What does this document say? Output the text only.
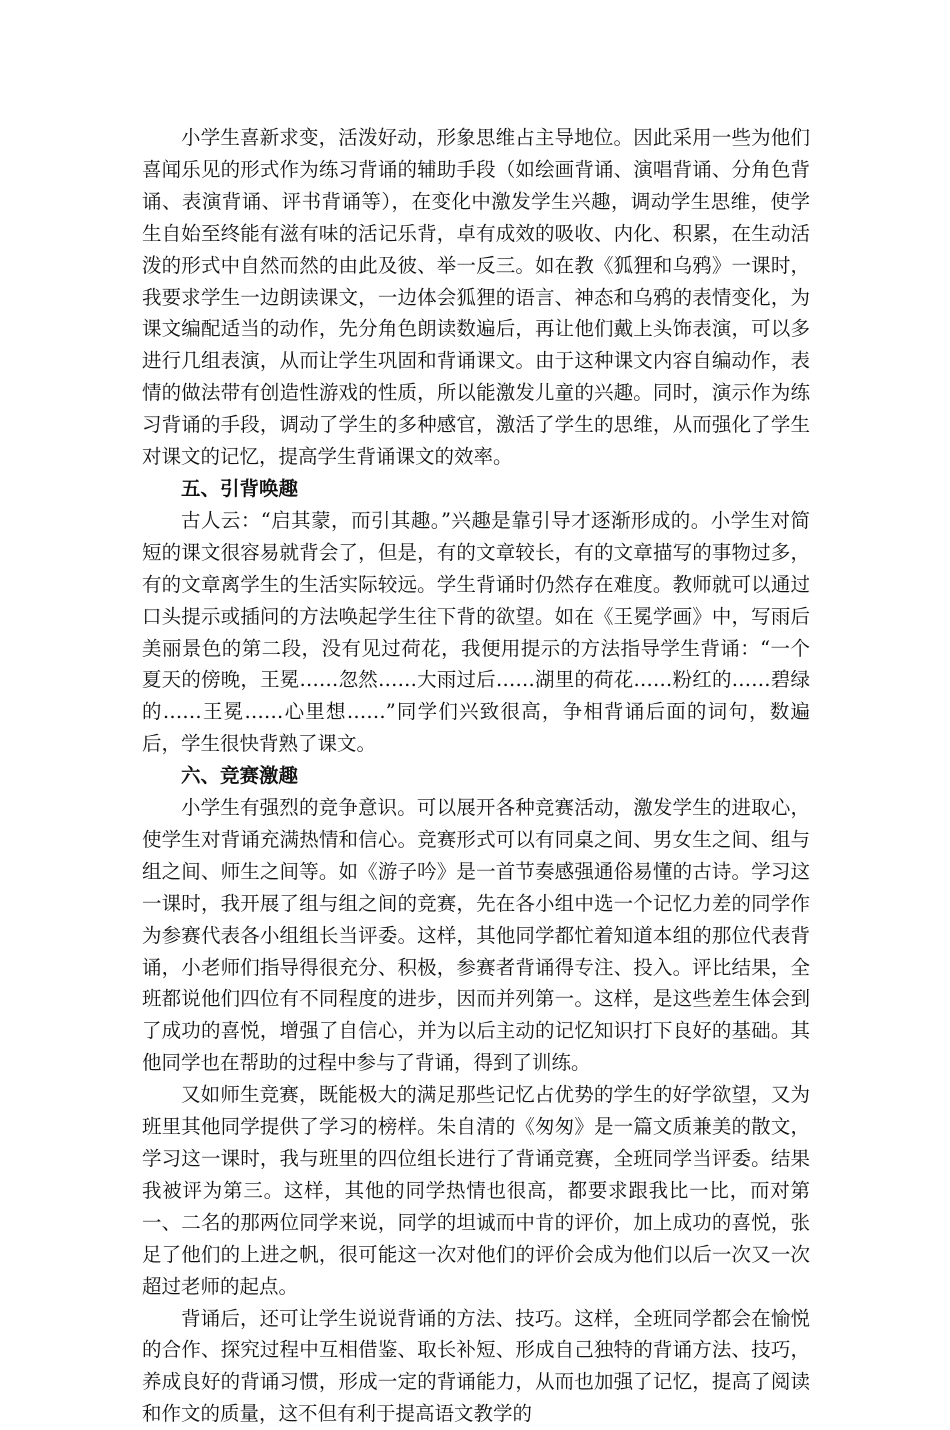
小学生喜新求变，活泼好动，形象思维占主导地位。因此采用一些为他们喜闻乐见的形式作为练习背诵的辅助手段（如绘画背诵、演唱背诵、分角色背诵、表演背诵、评书背诵等），在变化中激发学生兴趣，调动学生思维，使学生自始至终能有滋有味的活记乐背，卓有成效的吸收、内化、积累，在生动活泼的形式中自然而然的由此及彼、举一反三。如在教《狐狸和乌鸦》一课时，我要求学生一边朗读课文，一边体会狐狸的语言、神态和乌鸦的表情变化，为课文编配适当的动作，先分角色朗读数遍后，再让他们戴上头饰表演，可以多进行几组表演，从而让学生巩固和背诵课文。由于这种课文内容自编动作，表情的做法带有创造性游戏的性质，所以能激发儿童的兴趣。同时，演示作为练习背诵的手段，调动了学生的多种感官，激活了学生的思维，从而强化了学生对课文的记忆，提高学生背诵课文的效率。

五、引背唤趣

古人云：“启其蒙，而引其趣。”兴趣是靠引导才逐渐形成的。小学生对简短的课文很容易就背会了，但是，有的文章较长，有的文章描写的事物过多，有的文章离学生的生活实际较远。学生背诵时仍然存在难度。教师就可以通过口头提示或插问的方法唤起学生往下背的欲望。如在《王冕学画》中，写雨后美丽景色的第二段，没有见过荷花，我便用提示的方法指导学生背诵：“一个夏天的傍晚，王冕……忽然……大雨过后……湖里的荷花……粉红的……碧绿的……王冕……心里想……”同学们兴致很高，争相背诵后面的词句，数遍后，学生很快背熟了课文。

六、竞赛激趣

小学生有强烈的竞争意识。可以展开各种竞赛活动，激发学生的进取心，使学生对背诵充满热情和信心。竞赛形式可以有同桌之间、男女生之间、组与组之间、师生之间等。如《游子吟》是一首节奏感强通俗易懂的古诗。学习这一课时，我开展了组与组之间的竞赛，先在各小组中选一个记忆力差的同学作为参赛代表各小组组长当评委。这样，其他同学都忙着知道本组的那位代表背诵，小老师们指导得很充分、积极，参赛者背诵得专注、投入。评比结果，全班都说他们四位有不同程度的进步，因而并列第一。这样，是这些差生体会到了成功的喜悦，增强了自信心，并为以后主动的记忆知识打下良好的基础。其他同学也在帮助的过程中参与了背诵，得到了训练。

又如师生竞赛，既能极大的满足那些记忆占优势的学生的好学欲望，又为班里其他同学提供了学习的榜样。朱自清的《匆匆》是一篇文质兼美的散文，学习这一课时，我与班里的四位组长进行了背诵竞赛，全班同学当评委。结果我被评为第三。这样，其他的同学热情也很高，都要求跟我比一比，而对第一、二名的那两位同学来说，同学的坦诚而中肯的评价，加上成功的喜悦，张足了他们的上进之帆，很可能这一次对他们的评价会成为他们以后一次又一次超过老师的起点。

背诵后，还可让学生说说背诵的方法、技巧。这样，全班同学都会在愉悦的合作、探究过程中互相借鉴、取长补短、形成自己独特的背诵方法、技巧，养成良好的背诵习惯，形成一定的背诵能力，从而也加强了记忆，提高了阅读和作文的质量，这不但有利于提高语文教学的
